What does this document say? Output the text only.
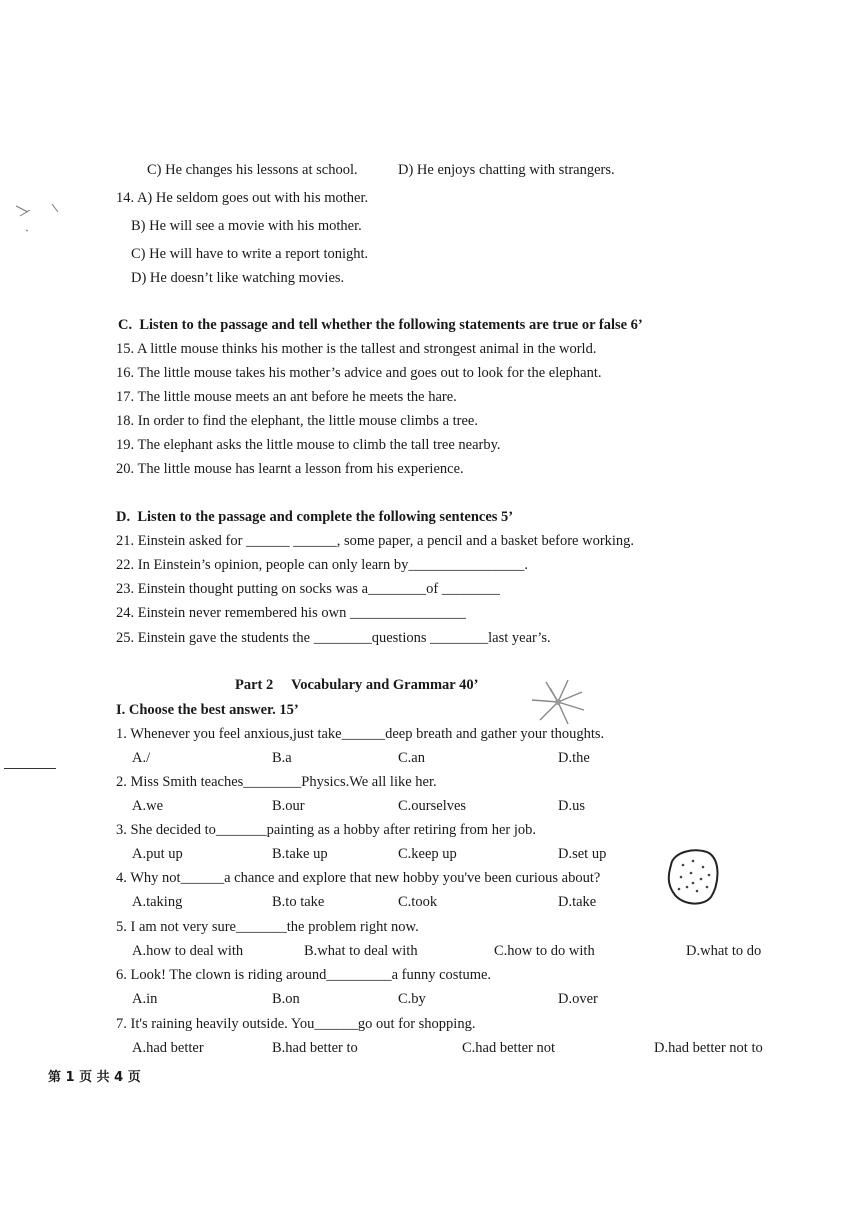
C) He changes his lessons at school.	D) He enjoys chatting with strangers.
14. A) He seldom goes out with his mother.
B) He will see a movie with his mother.
C) He will have to write a report tonight.
D) He doesn’t like watching movies.
C.  Listen to the passage and tell whether the following statements are true or false 6’
15. A little mouse thinks his mother is the tallest and strongest animal in the world.
16. The little mouse takes his mother’s advice and goes out to look for the elephant.
17. The little mouse meets an ant before he meets the hare.
18. In order to find the elephant, the little mouse climbs a tree.
19. The elephant asks the little mouse to climb the tall tree nearby.
20. The little mouse has learnt a lesson from his experience.
D.  Listen to the passage and complete the following sentences 5’
21. Einstein asked for ______ ______, some paper, a pencil and a basket before working.
22. In Einstein’s opinion, people can only learn by________________.
23. Einstein thought putting on socks was a________of ________
24. Einstein never remembered his own ________________
25. Einstein gave the students the ________questions ________last year’s.
Part 2     Vocabulary and Grammar 40’
I. Choose the best answer. 15’
1. Whenever you feel anxious,just take______deep breath and gather your thoughts.
A./	B.a	C.an	D.the
2. Miss Smith teaches________Physics.We all like her.
A.we	B.our	C.ourselves	D.us
3. She decided to_______painting as a hobby after retiring from her job.
A.put up	B.take up	C.keep up	D.set up
4. Why not______a chance and explore that new hobby you've been curious about?
A.taking	B.to take	C.took	D.take
5. I am not very sure_______the problem right now.
A.how to deal with	B.what to deal with	C.how to do with	D.what to do
6. Look! The clown is riding around_________a funny costume.
A.in	B.on	C.by	D.over
7. It's raining heavily outside. You______go out for shopping.
A.had better	B.had better to	C.had better not	D.had better not to
第 1 页 共 4 页
